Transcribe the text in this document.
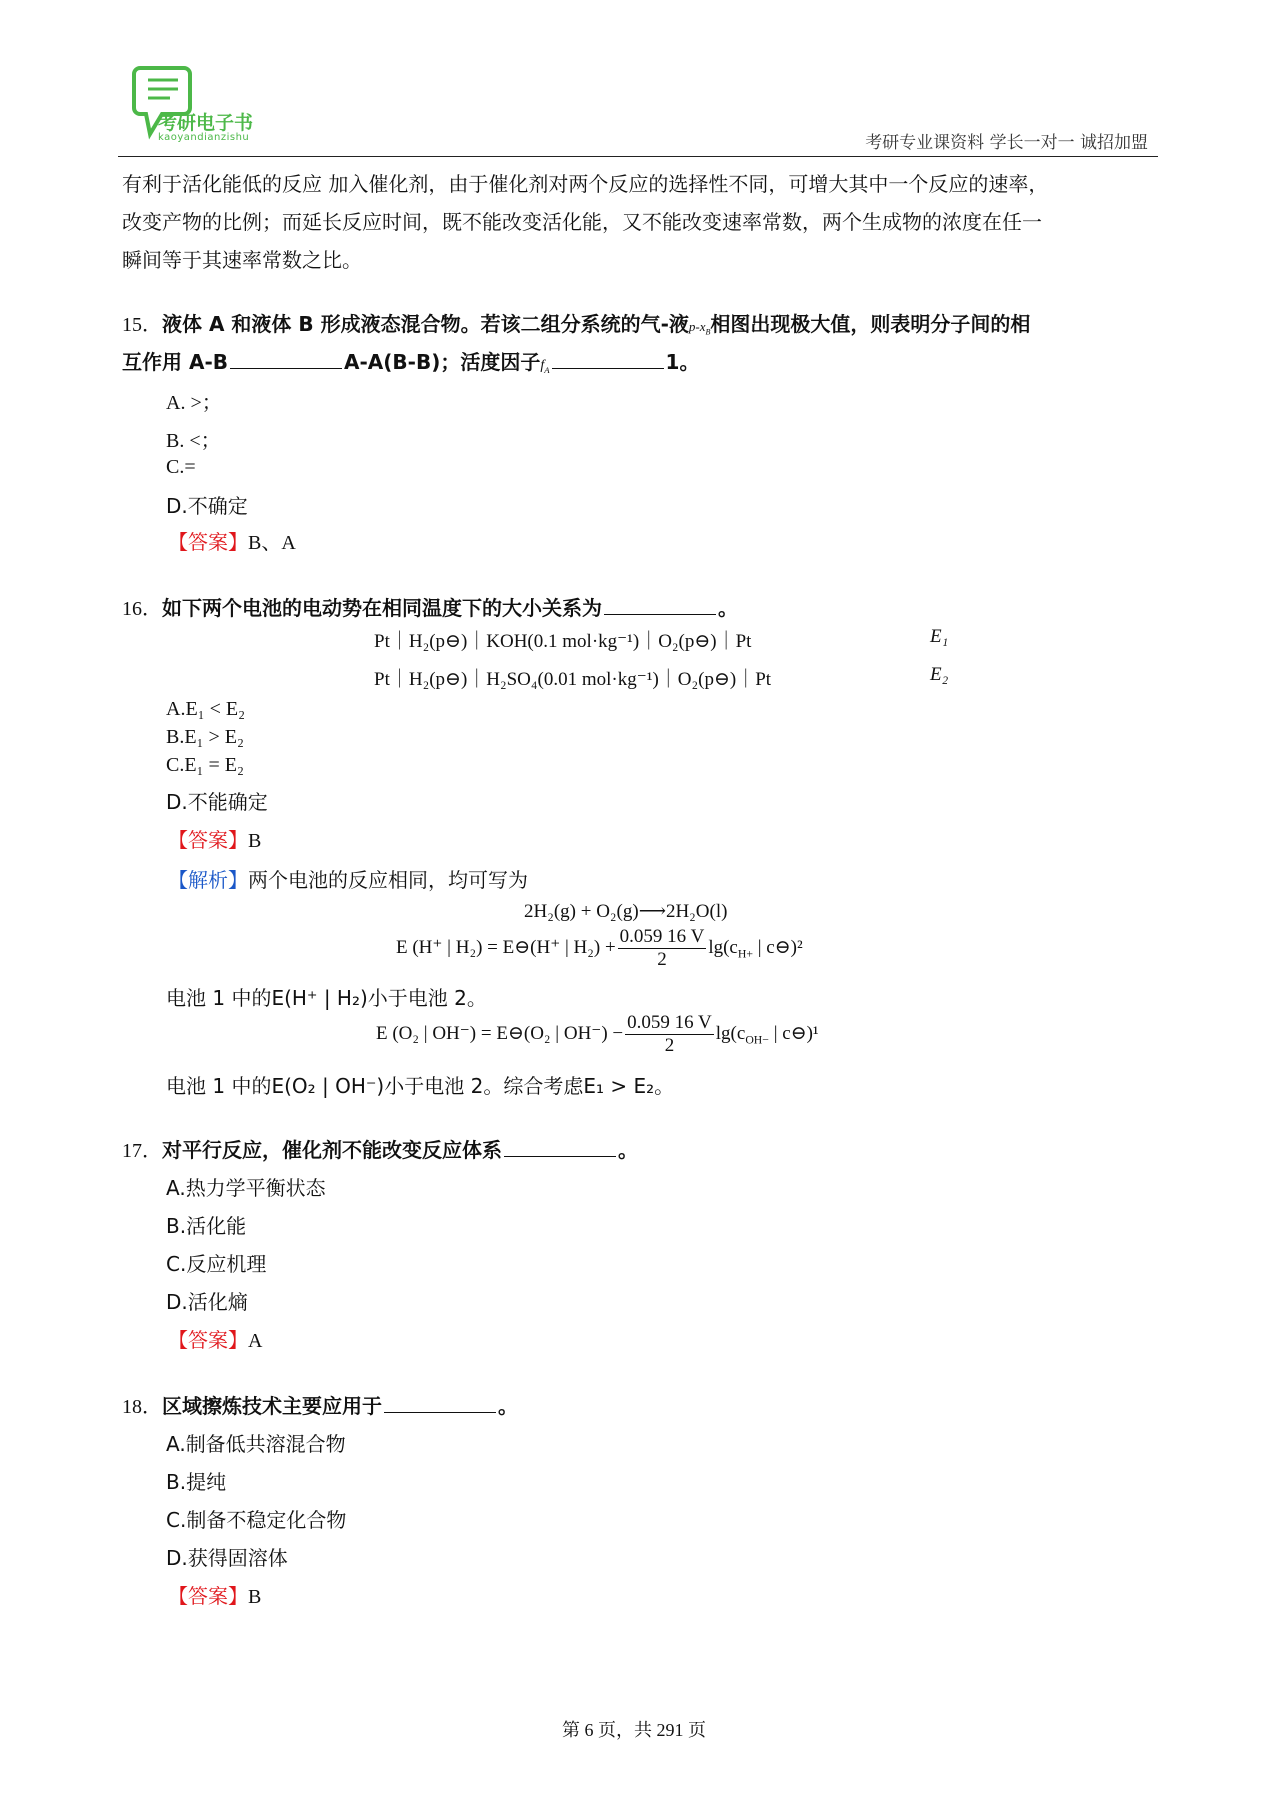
考研电子书
kaoyandianzishu	考研专业课资料 学长一对一 诚招加盟
有利于活化能低的反应 加入催化剂，由于催化剂对两个反应的选择性不同，可增大其中一个反应的速率，
改变产物的比例；而延长反应时间，既不能改变活化能，又不能改变速率常数，两个生成物的浓度在任一
瞬间等于其速率常数之比。
15．液体 A 和液体 B 形成液态混合物。若该二组分系统的气-液$p-x_B$相图出现极大值，则表明分子间的相
互作用 A-B	A-A(B-B)；活度因子$f_A$	1。
A. >；
B. <；
C.=
D.不确定
【答案】B、A
16．如下两个电池的电动势在相同温度下的大小关系为	。
Pt｜H₂(p⊖)｜KOH(0.1 mol·kg⁻¹)｜O₂(p⊖)｜Pt	E₁
Pt｜H₂(p⊖)｜H₂SO₄(0.01 mol·kg⁻¹)｜O₂(p⊖)｜Pt	E₂
A.E₁ < E₂
B.E₁ > E₂
C.E₁ = E₂
D.不能确定
【答案】B
【解析】两个电池的反应相同，均可写为
2H₂(g) + O₂(g)⟶2H₂O(l)
E (H⁺ | H₂) = E⊖(H⁺ | $H_2) + \frac{0.059 16 V}{2} \lg(c_{H+}$ | c⊖)²
电池 1 中的E(H⁺ | H₂)小于电池 2。
E (O₂ | OH⁻) = E⊖(O₂ | $OH^-) - \frac{0.059 16 V}{2} \lg(c_{OH-}$ | c⊖)¹
电池 1 中的E(O₂ | OH⁻)小于电池 2。综合考虑E₁ > E₂。
17．对平行反应，催化剂不能改变反应体系	。
A.热力学平衡状态
B.活化能
C.反应机理
D.活化熵
【答案】A
18．区域擦炼技术主要应用于	。
A.制备低共溶混合物
B.提纯
C.制备不稳定化合物
D.获得固溶体
【答案】B
第 6 页，共 291 页
